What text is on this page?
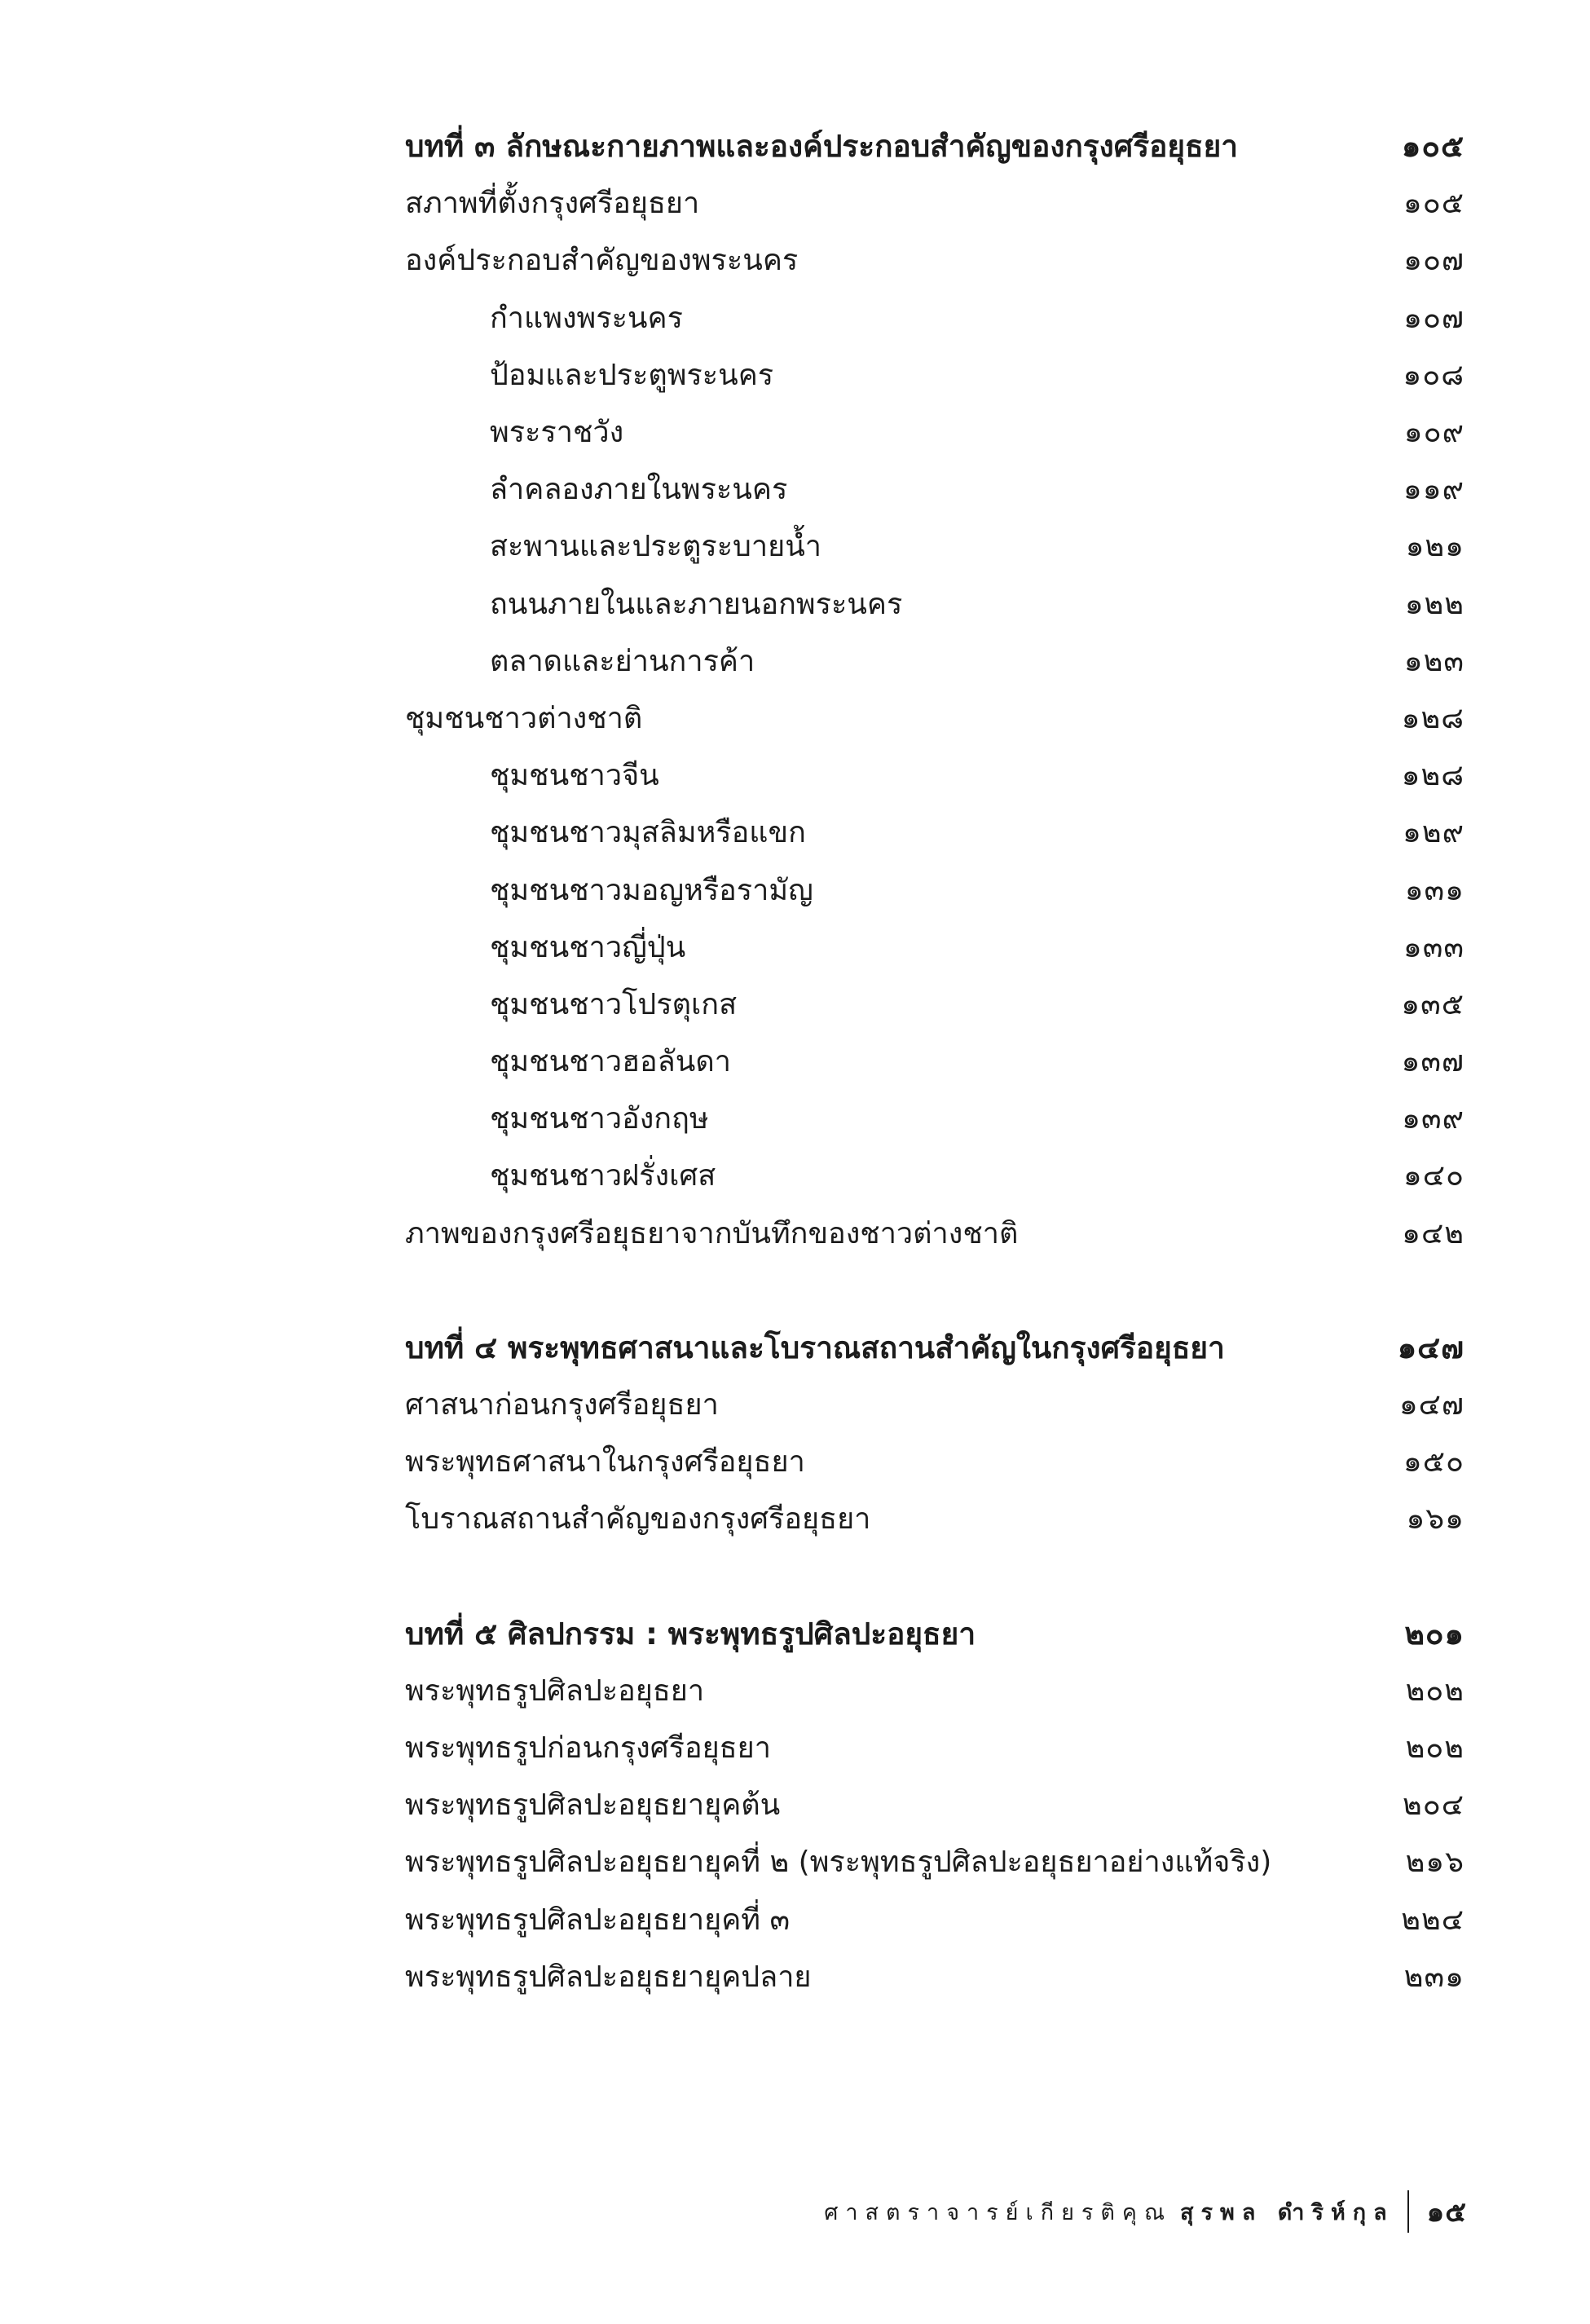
บทที่ ๓ ลักษณะกายภาพและองค์ประกอบสำคัญของกรุงศรีอยุธยา	๑๐๕
สภาพที่ตั้งกรุงศรีอยุธยา	๑๐๕
องค์ประกอบสำคัญของพระนคร	๑๐๗
กำแพงพระนคร	๑๐๗
ป้อมและประตูพระนคร	๑๐๘
พระราชวัง	๑๐๙
ลำคลองภายในพระนคร	๑๑๙
สะพานและประตูระบายน้ำ	๑๒๑
ถนนภายในและภายนอกพระนคร	๑๒๒
ตลาดและย่านการค้า	๑๒๓
ชุมชนชาวต่างชาติ	๑๒๘
ชุมชนชาวจีน	๑๒๘
ชุมชนชาวมุสลิมหรือแขก	๑๒๙
ชุมชนชาวมอญหรือรามัญ	๑๓๑
ชุมชนชาวญี่ปุ่น	๑๓๓
ชุมชนชาวโปรตุเกส	๑๓๕
ชุมชนชาวฮอลันดา	๑๓๗
ชุมชนชาวอังกฤษ	๑๓๙
ชุมชนชาวฝรั่งเศส	๑๔๐
ภาพของกรุงศรีอยุธยาจากบันทึกของชาวต่างชาติ	๑๔๒
บทที่ ๔ พระพุทธศาสนาและโบราณสถานสำคัญในกรุงศรีอยุธยา	๑๔๗
ศาสนาก่อนกรุงศรีอยุธยา	๑๔๗
พระพุทธศาสนาในกรุงศรีอยุธยา	๑๕๐
โบราณสถานสำคัญของกรุงศรีอยุธยา	๑๖๑
บทที่ ๕ ศิลปกรรม : พระพุทธรูปศิลปะอยุธยา	๒๐๑
พระพุทธรูปศิลปะอยุธยา	๒๐๒
พระพุทธรูปก่อนกรุงศรีอยุธยา	๒๐๒
พระพุทธรูปศิลปะอยุธยายุคต้น	๒๐๔
พระพุทธรูปศิลปะอยุธยายุคที่ ๒ (พระพุทธรูปศิลปะอยุธยาอย่างแท้จริง)	๒๑๖
พระพุทธรูปศิลปะอยุธยายุคที่ ๓	๒๒๔
พระพุทธรูปศิลปะอยุธยายุคปลาย	๒๓๑
ศาสตราจารย์เกียรติคุณ สุรพล ดำริห์กุล ๑๕
